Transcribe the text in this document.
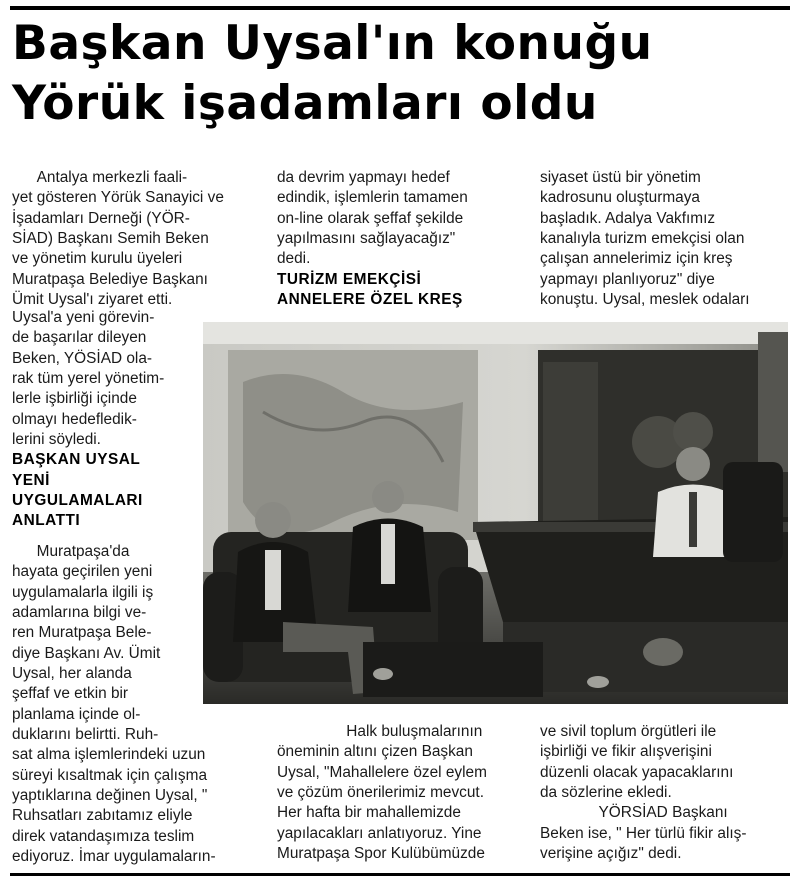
Başkan Uysal'ın konuğu
Yörük işadamları oldu

Antalya merkezli faali-

yet gösteren Yörük Sanayici ve

İşadamları Derneği (YÖR-

SİAD) Başkanı Semih Beken

ve yönetim kurulu üyeleri

Muratpaşa Belediye Başkanı

Ümit Uysal'ı ziyaret etti.

Uysal'a yeni görevin-

de başarılar dileyen

Beken, YÖSİAD ola-

rak tüm yerel yönetim-

lerle işbirliği içinde

olmayı hedefledik-

lerini söyledi.

BAŞKAN UYSAL

YENİ

UYGULAMALARI

ANLATTI

Muratpaşa'da

hayata geçirilen yeni

uygulamalarla ilgili iş

adamlarına bilgi ve-

ren Muratpaşa Bele-

diye Başkanı Av. Ümit

Uysal, her alanda

şeffaf ve etkin bir

planlama içinde ol-

duklarını belirtti. Ruh-

sat alma işlemlerindeki uzun

süreyi kısaltmak için çalışma

yaptıklarına değinen Uysal, "

Ruhsatları zabıtamız eliyle

direk vatandaşımıza teslim

ediyoruz. İmar uygulamaların-

da devrim yapmayı hedef

edindik, işlemlerin tamamen

on-line olarak şeffaf şekilde

yapılmasını sağlayacağız"

dedi.

TURİZM EMEKÇİSİ

ANNELERE ÖZEL KREŞ

siyaset üstü bir yönetim

kadrosunu oluşturmaya

başladık. Adalya Vakfımız

kanalıyla turizm emekçisi olan

çalışan annelerimiz için kreş

yapmayı planlıyoruz" diye

konuştu. Uysal, meslek odaları

Halk buluşmalarının

öneminin altını çizen Başkan

Uysal, "Mahallelere özel eylem

ve çözüm önerilerimiz mevcut.

Her hafta bir mahallemizde

yapılacakları anlatıyoruz. Yine

Muratpaşa Spor Kulübümüzde

ve sivil toplum örgütleri ile

işbirliği ve fikir alışverişini

düzenli olacak yapacaklarını

da sözlerine ekledi.

YÖRSİAD Başkanı

Beken ise, " Her türlü fikir alış-

verişine açığız" dedi.
